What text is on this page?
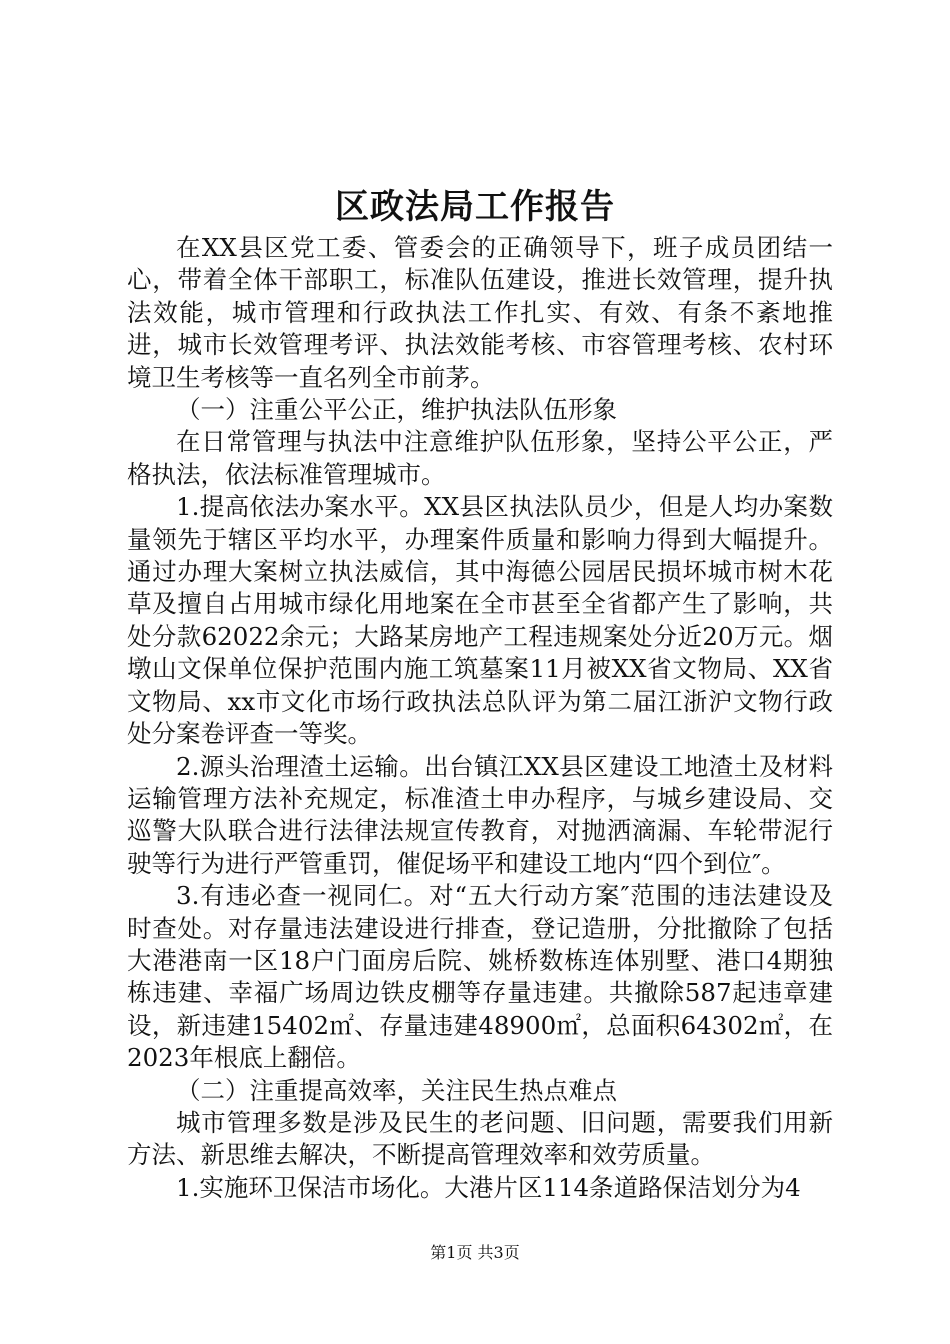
区政法局工作报告

在XX县区党工委、管委会的正确领导下，班子成员团结一心，带着全体干部职工，标准队伍建设，推进长效管理，提升执法效能，城市管理和行政执法工作扎实、有效、有条不紊地推进，城市长效管理考评、执法效能考核、市容管理考核、农村环境卫生考核等一直名列全市前茅。

（一）注重公平公正，维护执法队伍形象

在日常管理与执法中注意维护队伍形象，坚持公平公正，严格执法，依法标准管理城市。

1.提高依法办案水平。XX县区执法队员少，但是人均办案数量领先于辖区平均水平，办理案件质量和影响力得到大幅提升。通过办理大案树立执法威信，其中海德公园居民损坏城市树木花草及擅自占用城市绿化用地案在全市甚至全省都产生了影响，共处分款62022余元；大路某房地产工程违规案处分近20万元。烟墩山文保单位保护范围内施工筑墓案11月被XX省文物局、XX省文物局、xx市文化市场行政执法总队评为第二届江浙沪文物行政处分案卷评查一等奖。

2.源头治理渣土运输。出台镇江XX县区建设工地渣土及材料运输管理方法补充规定，标准渣土申办程序，与城乡建设局、交巡警大队联合进行法律法规宣传教育，对抛洒滴漏、车轮带泥行驶等行为进行严管重罚，催促场平和建设工地内“四个到位″。

3.有违必查一视同仁。对“五大行动方案″范围的违法建设及时查处。对存量违法建设进行排查，登记造册，分批撤除了包括大港港南一区18户门面房后院、姚桥数栋连体别墅、港口4期独栋违建、幸福广场周边铁皮棚等存量违建。共撤除587起违章建设，新违建15402㎡、存量违建48900㎡，总面积64302㎡，在2023年根底上翻倍。

（二）注重提高效率，关注民生热点难点

城市管理多数是涉及民生的老问题、旧问题，需要我们用新方法、新思维去解决，不断提高管理效率和效劳质量。

1.实施环卫保洁市场化。大港片区114条道路保洁划分为4

第1页 共3页
